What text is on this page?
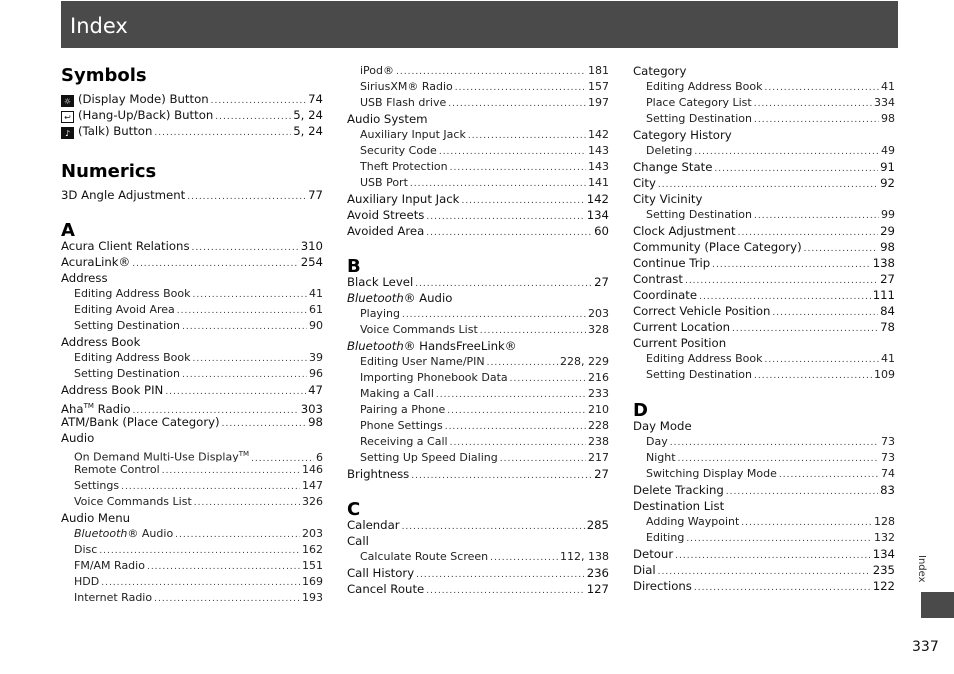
Index
Symbols
☼ (Display Mode) Button .....	74
↩ (Hang-Up/Back) Button .....	5, 24
♪ (Talk) Button .....	5, 24
Numerics
3D Angle Adjustment .....	77
A
Acura Client Relations .....	310
AcuraLink® .....	254
Address
Editing Address Book .....	41
Editing Avoid Area .....	61
Setting Destination .....	90
Address Book
Editing Address Book .....	39
Setting Destination .....	96
Address Book PIN .....	47
Aha™ Radio .....	303
ATM/Bank (Place Category) .....	98
Audio
On Demand Multi-Use Display™ .....	6
Remote Control .....	146
Settings .....	147
Voice Commands List .....	326
Audio Menu
Bluetooth® Audio .....	203
Disc .....	162
FM/AM Radio .....	151
HDD .....	169
Internet Radio .....	193
iPod® .....	181
SiriusXM® Radio .....	157
USB Flash drive .....	197
Audio System
Auxiliary Input Jack .....	142
Security Code .....	143
Theft Protection .....	143
USB Port .....	141
Auxiliary Input Jack .....	142
Avoid Streets .....	134
Avoided Area .....	60
B
Black Level .....	27
Bluetooth® Audio
Playing .....	203
Voice Commands List .....	328
Bluetooth® HandsFreeLink®
Editing User Name/PIN .....	228, 229
Importing Phonebook Data .....	216
Making a Call .....	233
Pairing a Phone .....	210
Phone Settings .....	228
Receiving a Call .....	238
Setting Up Speed Dialing .....	217
Brightness .....	27
C
Calendar .....	285
Call
Calculate Route Screen .....	112, 138
Call History .....	236
Cancel Route .....	127
Category
Editing Address Book .....	41
Place Category List .....	334
Setting Destination .....	98
Category History
Deleting .....	49
Change State .....	91
City .....	92
City Vicinity
Setting Destination .....	99
Clock Adjustment .....	29
Community (Place Category) .....	98
Continue Trip .....	138
Contrast .....	27
Coordinate .....	111
Correct Vehicle Position .....	84
Current Location .....	78
Current Position
Editing Address Book .....	41
Setting Destination .....	109
D
Day Mode
Day .....	73
Night .....	73
Switching Display Mode .....	74
Delete Tracking .....	83
Destination List
Adding Waypoint .....	128
Editing .....	132
Detour .....	134
Dial .....	235
Directions .....	122
Index
337
